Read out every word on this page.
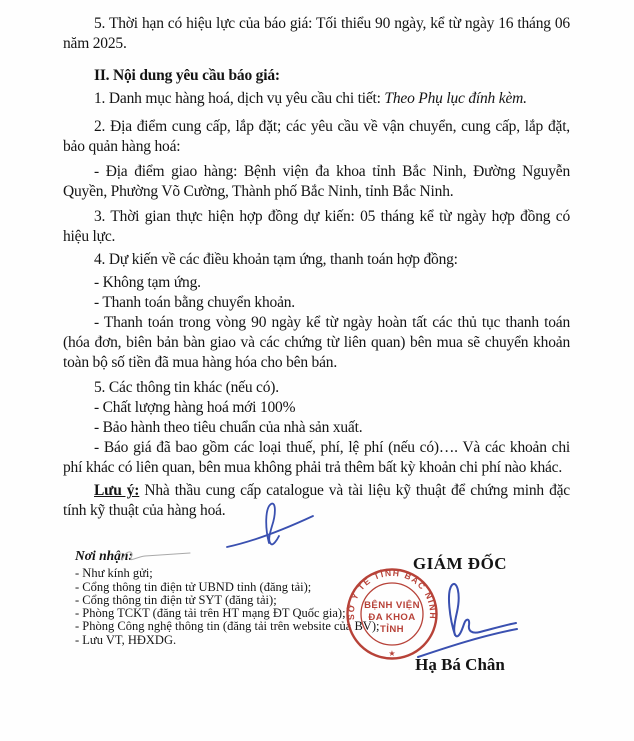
5. Thời hạn có hiệu lực của báo giá: Tối thiểu 90 ngày, kể từ ngày 16 tháng 06 năm 2025.

II. Nội dung yêu cầu báo giá:

1. Danh mục hàng hoá, dịch vụ yêu cầu chi tiết: Theo Phụ lục đính kèm.

2. Địa điểm cung cấp, lắp đặt; các yêu cầu về vận chuyển, cung cấp, lắp đặt, bảo quản hàng hoá:

- Địa điểm giao hàng: Bệnh viện đa khoa tỉnh Bắc Ninh, Đường Nguyễn Quyền, Phường Võ Cường, Thành phố Bắc Ninh, tỉnh Bắc Ninh.

3. Thời gian thực hiện hợp đồng dự kiến: 05 tháng kể từ ngày hợp đồng có hiệu lực.

4. Dự kiến về các điều khoản tạm ứng, thanh toán hợp đồng:

- Không tạm ứng.

- Thanh toán bằng chuyển khoản.

- Thanh toán trong vòng 90 ngày kể từ ngày hoàn tất các thủ tục thanh toán (hóa đơn, biên bản bàn giao và các chứng từ liên quan) bên mua sẽ chuyển khoản toàn bộ số tiền đã mua hàng hóa cho bên bán.

5. Các thông tin khác (nếu có).

- Chất lượng hàng hoá mới 100%

- Bảo hành theo tiêu chuẩn của nhà sản xuất.

- Báo giá đã bao gồm các loại thuế, phí, lệ phí (nếu có)…. Và các khoản chi phí khác có liên quan, bên mua không phải trả thêm bất kỳ khoản chi phí nào khác.

Lưu ý: Nhà thầu cung cấp catalogue và tài liệu kỹ thuật để chứng minh đặc tính kỹ thuật của hàng hoá.

Nơi nhận:
- Như kính gửi;
- Cổng thông tin điện tử UBND tỉnh (đăng tải);
- Cổng thông tin điện tử SYT (đăng tải);
- Phòng TCKT (đăng tải trên HT mạng ĐT Quốc gia);
- Phòng Công nghệ thông tin (đăng tải trên website của BV);
- Lưu VT, HĐXDG.
GIÁM ĐỐC
Hạ Bá Chân
SỞ Y TẾ TỈNH BẮC NINH
BỆNH VIỆN
ĐA KHOA
TỈNH
★
